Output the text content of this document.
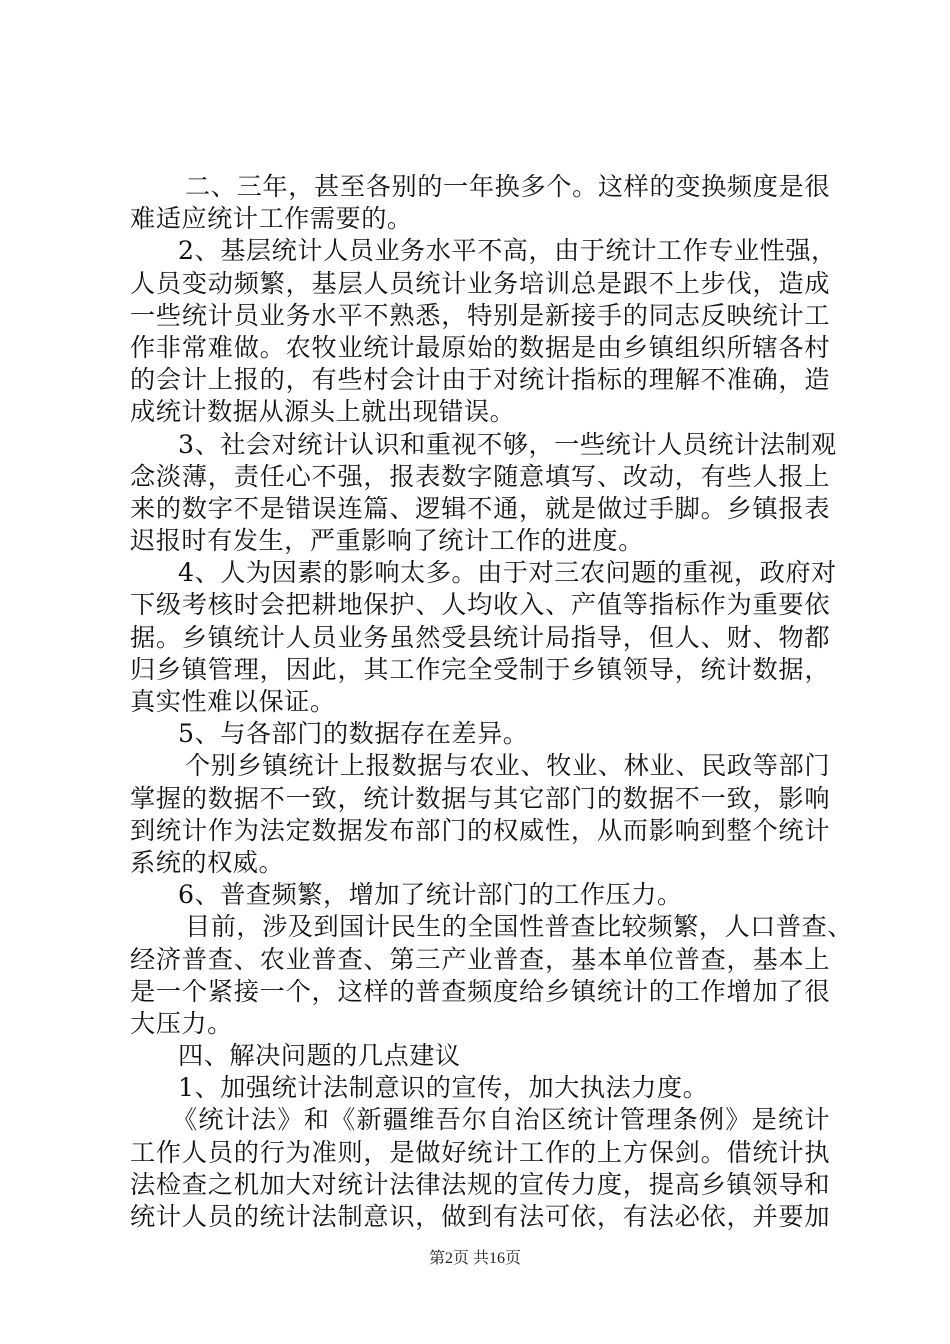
二、三年，甚至各别的一年换多个。这样的变换频度是很
难适应统计工作需要的。
2、基层统计人员业务水平不高，由于统计工作专业性强，
人员变动频繁，基层人员统计业务培训总是跟不上步伐，造成
一些统计员业务水平不熟悉，特别是新接手的同志反映统计工
作非常难做。农牧业统计最原始的数据是由乡镇组织所辖各村
的会计上报的，有些村会计由于对统计指标的理解不准确，造
成统计数据从源头上就出现错误。
3、社会对统计认识和重视不够，一些统计人员统计法制观
念淡薄，责任心不强，报表数字随意填写、改动，有些人报上
来的数字不是错误连篇、逻辑不通，就是做过手脚。乡镇报表
迟报时有发生，严重影响了统计工作的进度。
4、人为因素的影响太多。由于对三农问题的重视，政府对
下级考核时会把耕地保护、人均收入、产值等指标作为重要依
据。乡镇统计人员业务虽然受县统计局指导，但人、财、物都
归乡镇管理，因此，其工作完全受制于乡镇领导，统计数据，
真实性难以保证。
5、与各部门的数据存在差异。
个别乡镇统计上报数据与农业、牧业、林业、民政等部门
掌握的数据不一致，统计数据与其它部门的数据不一致，影响
到统计作为法定数据发布部门的权威性，从而影响到整个统计
系统的权威。
6、普查频繁，增加了统计部门的工作压力。
目前，涉及到国计民生的全国性普查比较频繁，人口普查、
经济普查、农业普查、第三产业普查，基本单位普查，基本上
是一个紧接一个，这样的普查频度给乡镇统计的工作增加了很
大压力。
四、解决问题的几点建议
1、加强统计法制意识的宣传，加大执法力度。
《统计法》和《新疆维吾尔自治区统计管理条例》是统计
工作人员的行为准则，是做好统计工作的上方保剑。借统计执
法检查之机加大对统计法律法规的宣传力度，提高乡镇领导和
统计人员的统计法制意识，做到有法可依，有法必依，并要加
第2页 共16页
